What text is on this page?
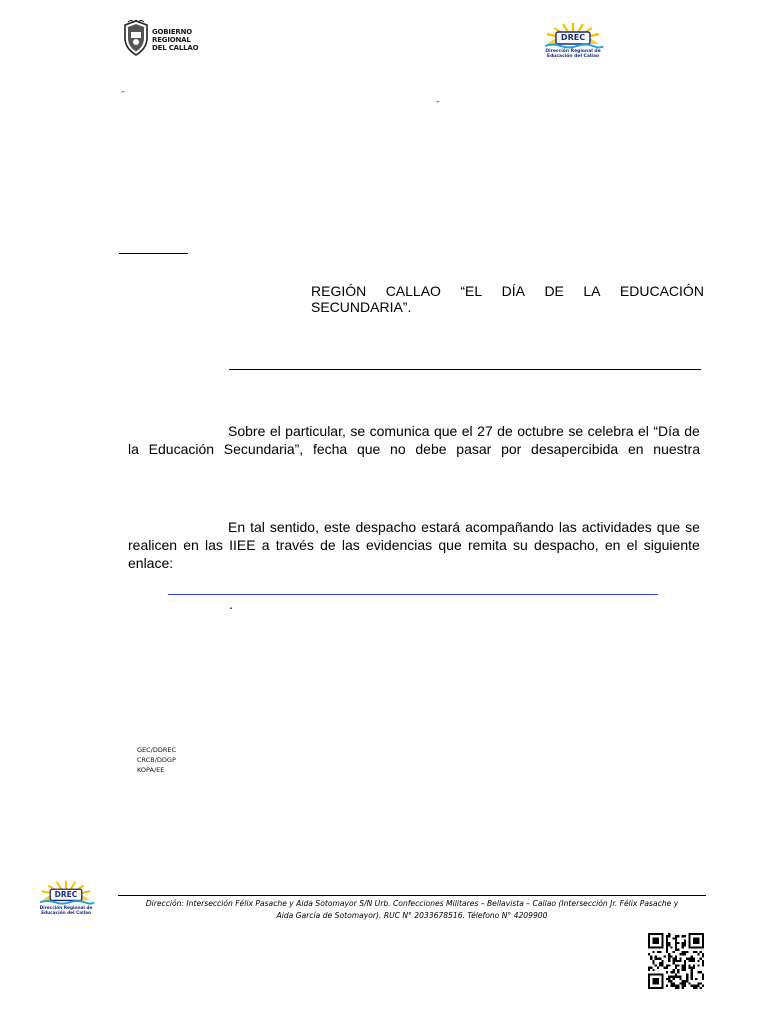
GOBIERNO
REGIONAL
DEL CALLAO
DREC
Dirección Regional de
Educación del Callao
˝
˝
REGIÓN CALLAO “EL DÍA DE LA EDUCACIÓN
SECUNDARIA”.
Sobre el particular, se comunica que el 27 de octubre se celebra el “Día de
la Educación Secundaria”, fecha que no debe pasar por desapercibida en nuestra
En tal sentido, este despacho estará acompañando las actividades que se
realicen en las IIEE a través de las evidencias que remita su despacho, en el siguiente
enlace:
.
GEC/DDREC
CRCB/DDGP
KOPA/EE
DREC
Dirección Regional de
Educación del Callao
Dirección: Intersección Félix Pasache y Aida Sotomayor S/N Urb. Confecciones Militares – Bellavista – Callao (Intersección Jr. Félix Pasache y
Aida García de Sotomayor). RUC N° 2033678516. Télefono N° 4209900
